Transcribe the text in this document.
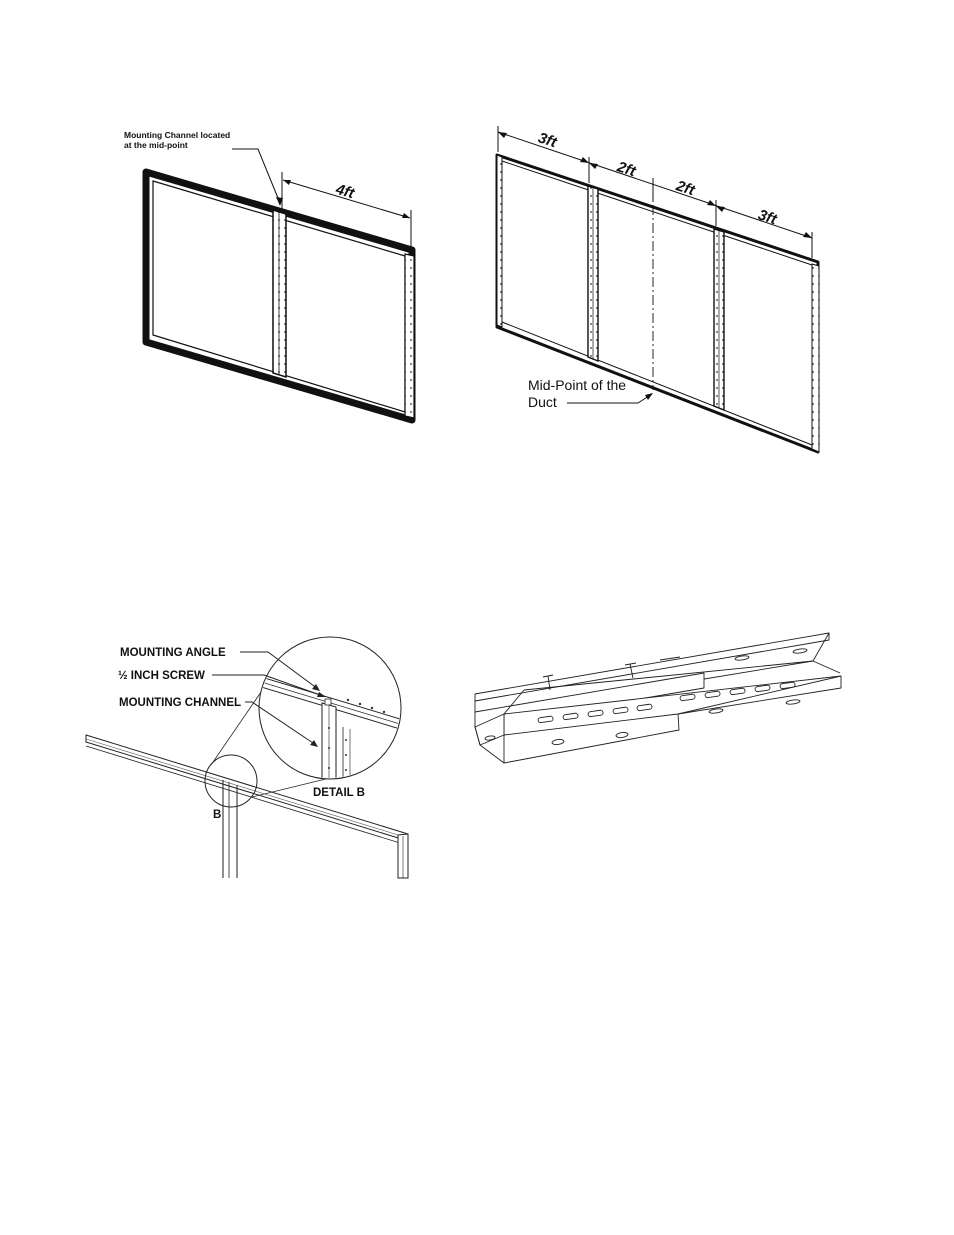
Mounting Channel located
at the mid-point
4ft
3ft
2ft
2ft
3ft
Mid-Point of the
Duct
MOUNTING ANGLE
½ INCH SCREW
MOUNTING CHANNEL
DETAIL B
B
